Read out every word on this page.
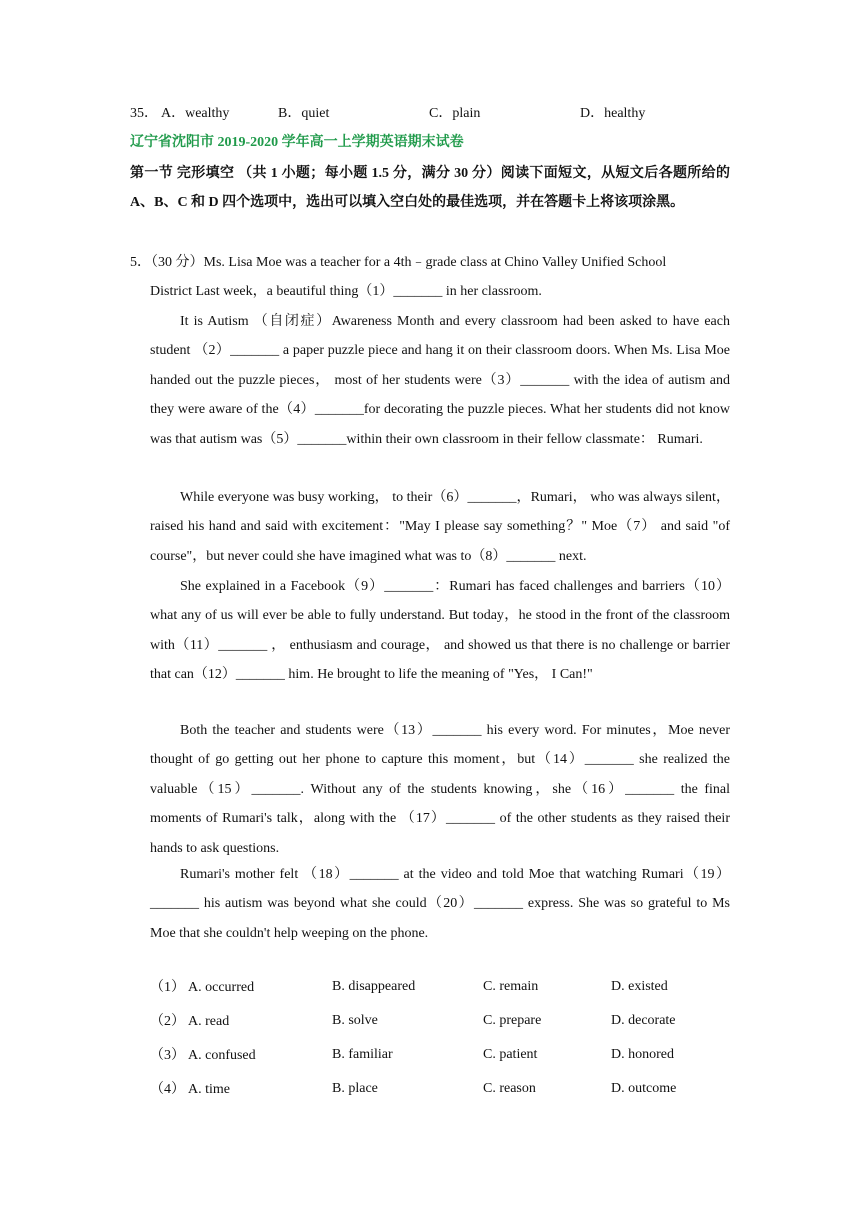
35． A．wealthy	B．quiet	C．plain	D．healthy
辽宁省沈阳市 2019-2020 学年高一上学期英语期末试卷
第一节 完形填空 （共 1 小题；每小题 1.5 分，满分 30 分）阅读下面短文，从短文后各题所给的 A、B、C 和 D 四个选项中，选出可以填入空白处的最佳选项，并在答题卡上将该项涂黑。
5．（30 分）Ms. Lisa Moe was a teacher for a 4th﹣grade class at Chino Valley Unified School
District Last week，a beautiful thing（1）_______ in her classroom.

It is Autism （自闭症）Awareness Month and every classroom had been asked to have each student （2）_______ a paper puzzle piece and hang it on their classroom doors. When Ms. Lisa Moe handed out the puzzle pieces， most of her students were（3）_______ with the idea of autism and they were aware of the（4）_______for decorating the puzzle pieces. What her students did not know was that autism was（5）_______within their own classroom in their fellow classmate： Rumari.

While everyone was busy working， to their（6）_______，Rumari， who was always silent， raised his hand and said with excitement："May I please say something？" Moe（7） and said "of course"，but never could she have imagined what was to（8）_______ next.

She explained in a Facebook（9）_______：Rumari has faced challenges and barriers（10） what any of us will ever be able to fully understand. But today，he stood in the front of the classroom with（11）_______ ， enthusiasm and courage， and showed us that there is no challenge or barrier that can（12）_______ him. He brought to life the meaning of "Yes， I Can!"

Both the teacher and students were（13）_______ his every word. For minutes，Moe never thought of go getting out her phone to capture this moment，but（14）_______ she realized the valuable（15）_______. Without any of the students knowing，she（16）_______ the final moments of Rumari's talk，along with the （17）_______ of the other students as they raised their hands to ask questions.

Rumari's mother felt （18）_______ at the video and told Moe that watching Rumari（19）_______ his autism was beyond what she could（20）_______ express. She was so grateful to Ms Moe that she couldn't help weeping on the phone.

（1） A. occurred	B. disappeared	C. remain	D. existed
（2） A. read	B. solve	C. prepare	D. decorate
（3） A. confused	B. familiar	C. patient	D. honored
（4） A. time	B. place	C. reason	D. outcome
